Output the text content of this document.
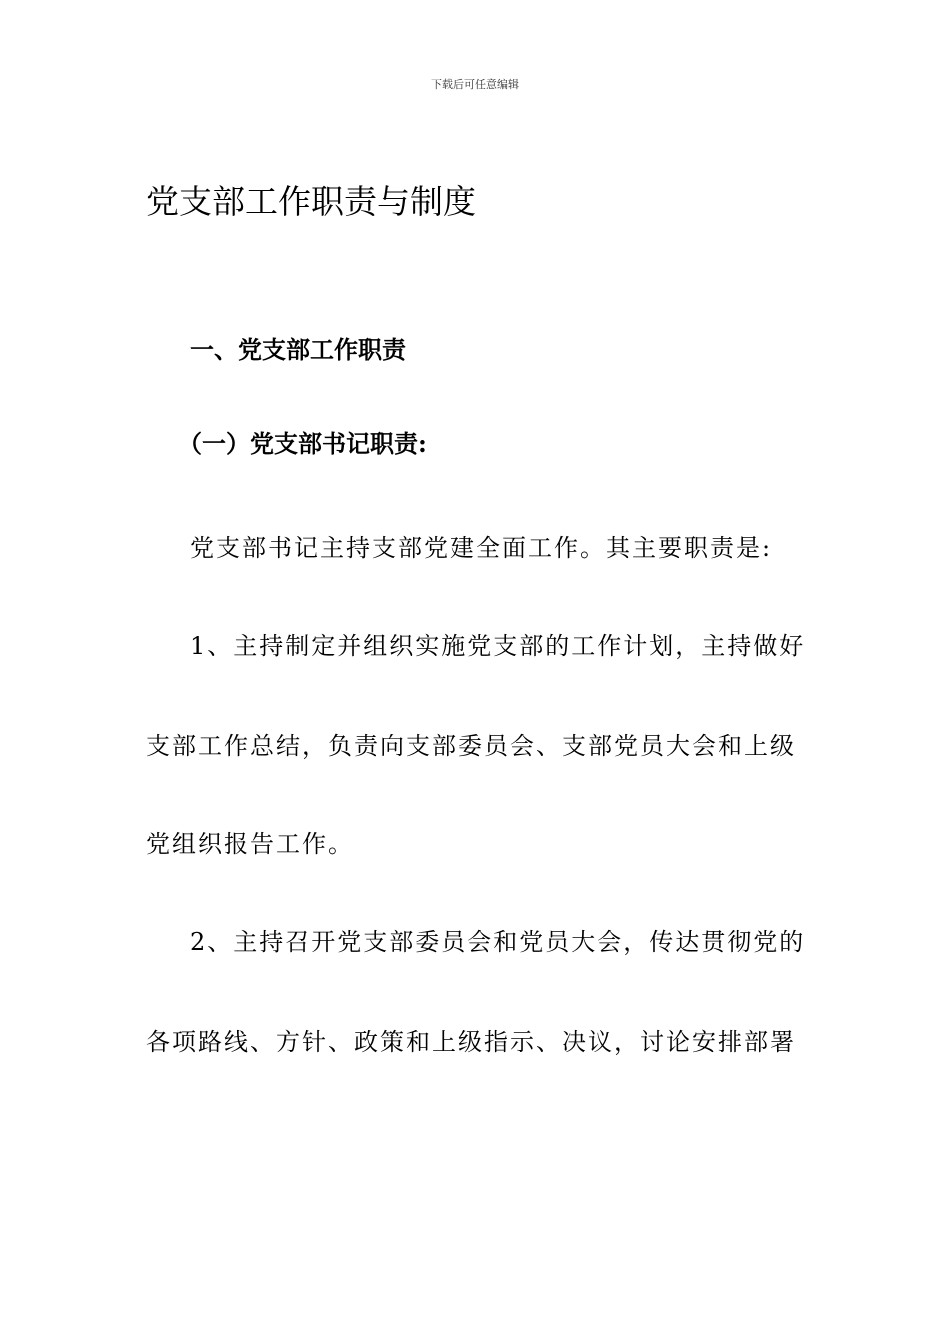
下载后可任意编辑
党支部工作职责与制度
一、党支部工作职责
（一）党支部书记职责:
党支部书记主持支部党建全面工作。其主要职责是:
1、主持制定并组织实施党支部的工作计划，主持做好
支部工作总结，负责向支部委员会、支部党员大会和上级
党组织报告工作。
2、主持召开党支部委员会和党员大会，传达贯彻党的
各项路线、方针、政策和上级指示、决议，讨论安排部署
